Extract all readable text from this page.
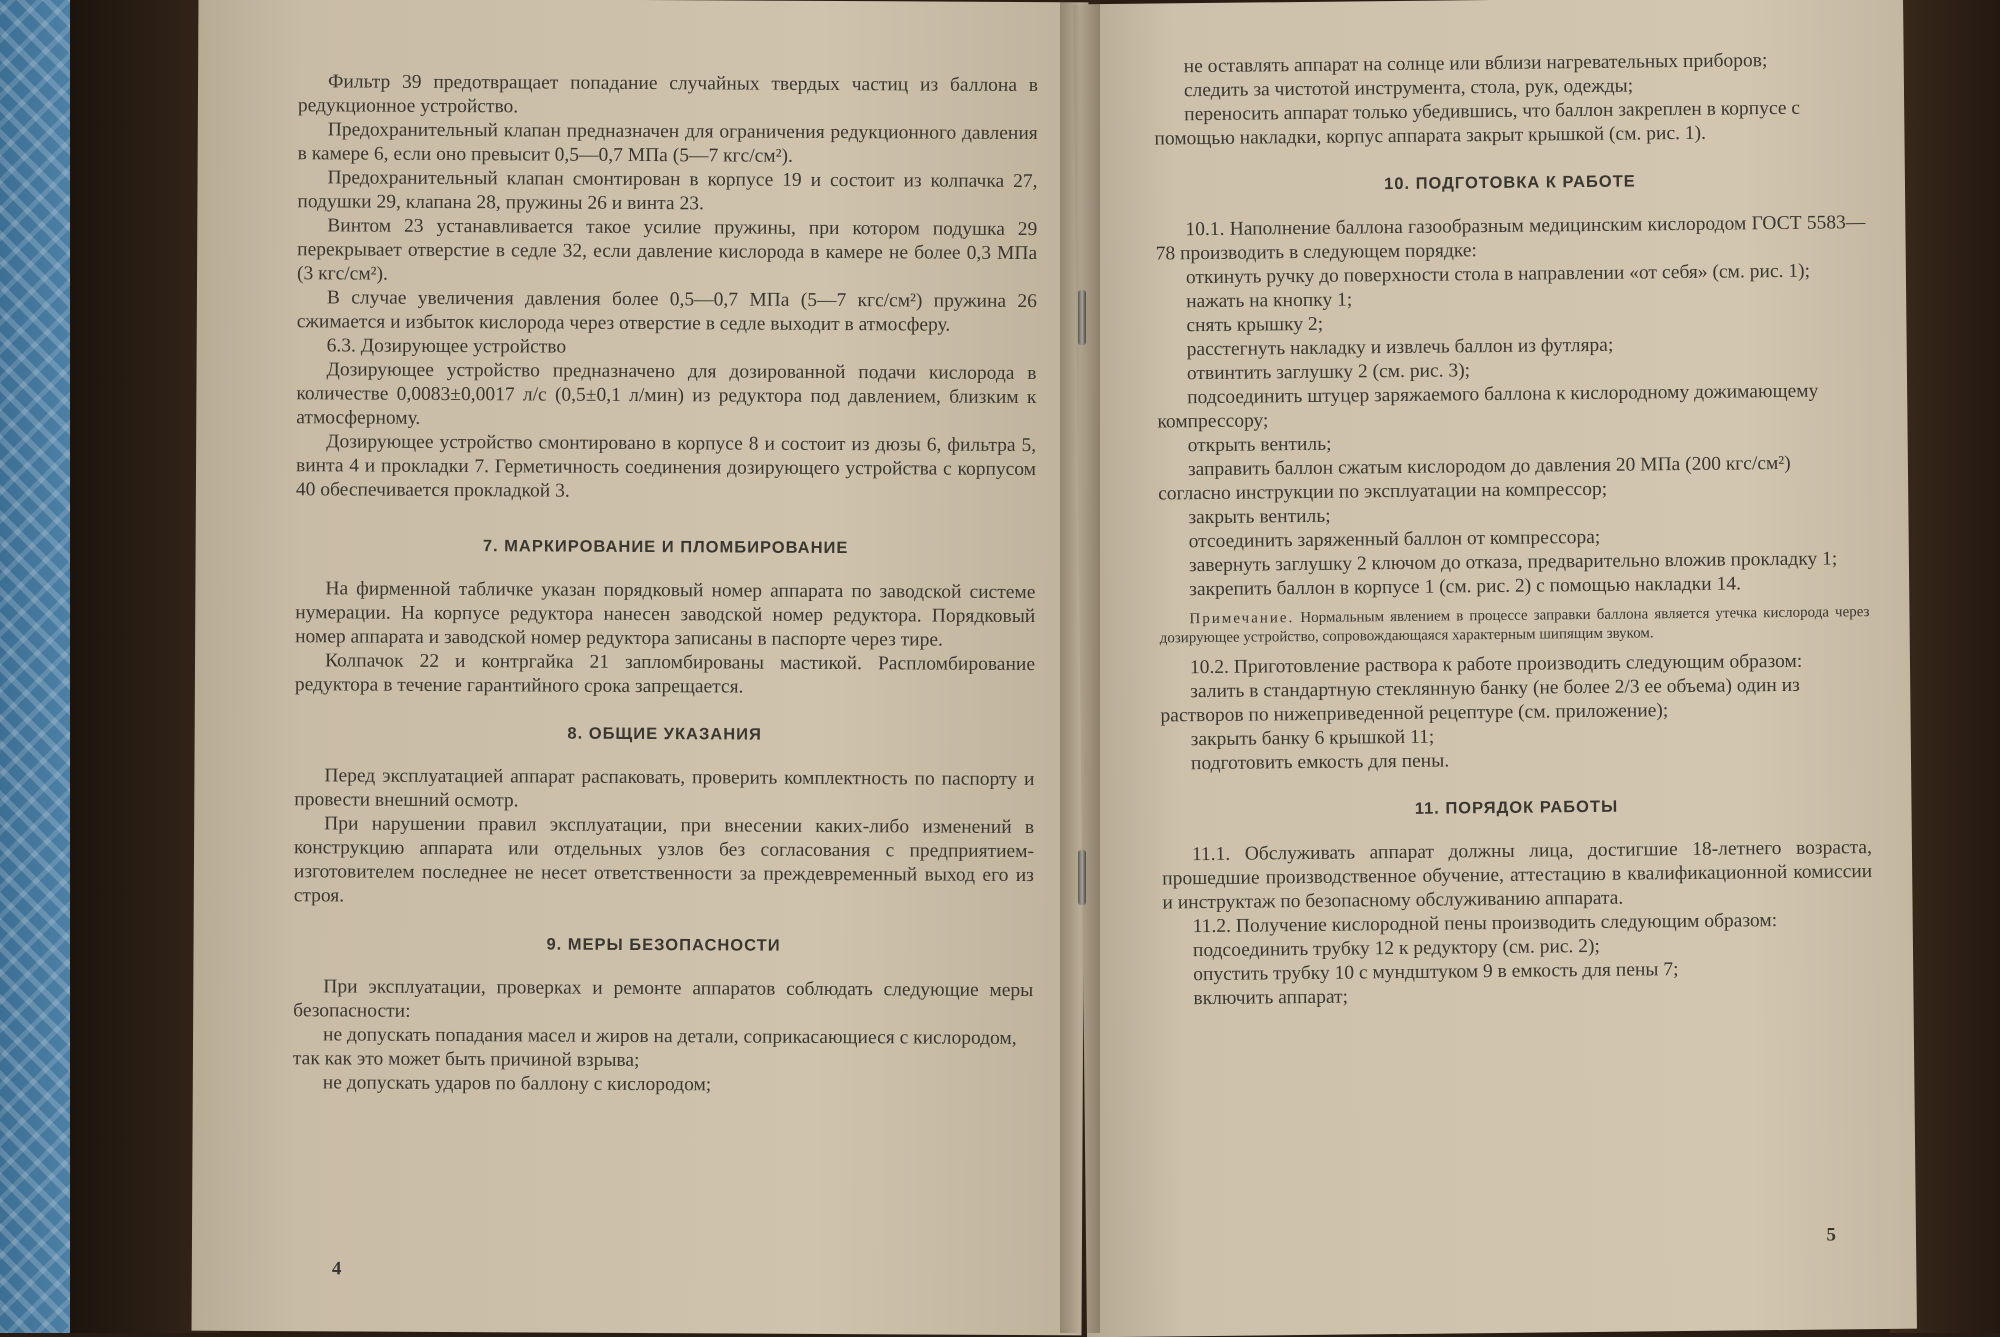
Фильтр 39 предотвращает попадание случайных твердых частиц из баллона в редукционное устройство.

Предохранительный клапан предназначен для ограничения редукционного давления в камере 6, если оно превысит 0,5—0,7 МПа (5—7 кгс/см²).

Предохранительный клапан смонтирован в корпусе 19 и состоит из колпачка 27, подушки 29, клапана 28, пружины 26 и винта 23.

Винтом 23 устанавливается такое усилие пружины, при котором подушка 29 перекрывает отверстие в седле 32, если давление кислорода в камере не более 0,3 МПа (3 кгс/см²).

В случае увеличения давления более 0,5—0,7 МПа (5—7 кгс/см²) пружина 26 сжимается и избыток кислорода через отверстие в седле выходит в атмосферу.

6.3. Дозирующее устройство

Дозирующее устройство предназначено для дозированной подачи кислорода в количестве 0,0083±0,0017 л/с (0,5±0,1 л/мин) из редуктора под давлением, близким к атмосферному.

Дозирующее устройство смонтировано в корпусе 8 и состоит из дюзы 6, фильтра 5, винта 4 и прокладки 7. Герметичность соединения дозирующего устройства с корпусом 40 обеспечивается прокладкой 3.

7. МАРКИРОВАНИЕ И ПЛОМБИРОВАНИЕ

На фирменной табличке указан порядковый номер аппарата по заводской системе нумерации. На корпусе редуктора нанесен заводской номер редуктора. Порядковый номер аппарата и заводской номер редуктора записаны в паспорте через тире.

Колпачок 22 и контргайка 21 запломбированы мастикой. Распломбирование редуктора в течение гарантийного срока запрещается.

8. ОБЩИЕ УКАЗАНИЯ

Перед эксплуатацией аппарат распаковать, проверить комплектность по паспорту и провести внешний осмотр.

При нарушении правил эксплуатации, при внесении каких-либо изменений в конструкцию аппарата или отдельных узлов без согласования с предприятием-изготовителем последнее не несет ответственности за преждевременный выход его из строя.

9. МЕРЫ БЕЗОПАСНОСТИ

При эксплуатации, проверках и ремонте аппаратов соблюдать следующие меры безопасности:

не допускать попадания масел и жиров на детали, соприкасающиеся с кислородом, так как это может быть причиной взрыва;

не допускать ударов по баллону с кислородом;

4

не оставлять аппарат на солнце или вблизи нагревательных приборов;

следить за чистотой инструмента, стола, рук, одежды;

переносить аппарат только убедившись, что баллон закреплен в корпусе с помощью накладки, корпус аппарата закрыт крышкой (см. рис. 1).

10. ПОДГОТОВКА К РАБОТЕ

10.1. Наполнение баллона газообразным медицинским кислородом ГОСТ 5583—78 производить в следующем порядке:

откинуть ручку до поверхности стола в направлении «от себя» (см. рис. 1);

нажать на кнопку 1;

снять крышку 2;

расстегнуть накладку и извлечь баллон из футляра;

отвинтить заглушку 2 (см. рис. 3);

подсоединить штуцер заряжаемого баллона к кислородному дожимающему компрессору;

открыть вентиль;

заправить баллон сжатым кислородом до давления 20 МПа (200 кгс/см²) согласно инструкции по эксплуатации на компрессор;

закрыть вентиль;

отсоединить заряженный баллон от компрессора;

завернуть заглушку 2 ключом до отказа, предварительно вложив прокладку 1;

закрепить баллон в корпусе 1 (см. рис. 2) с помощью накладки 14.

Примечание. Нормальным явлением в процессе заправки баллона является утечка кислорода через дозирующее устройство, сопровождающаяся характерным шипящим звуком.

10.2. Приготовление раствора к работе производить следующим образом:

залить в стандартную стеклянную банку (не более 2/3 ее объема) один из растворов по нижеприведенной рецептуре (см. приложение);

закрыть банку 6 крышкой 11;

подготовить емкость для пены.

11. ПОРЯДОК РАБОТЫ

11.1. Обслуживать аппарат должны лица, достигшие 18-летнего возраста, прошедшие производственное обучение, аттестацию в квалификационной комиссии и инструктаж по безопасному обслуживанию аппарата.

11.2. Получение кислородной пены производить следующим образом:

подсоединить трубку 12 к редуктору (см. рис. 2);

опустить трубку 10 с мундштуком 9 в емкость для пены 7;

включить аппарат;

5
